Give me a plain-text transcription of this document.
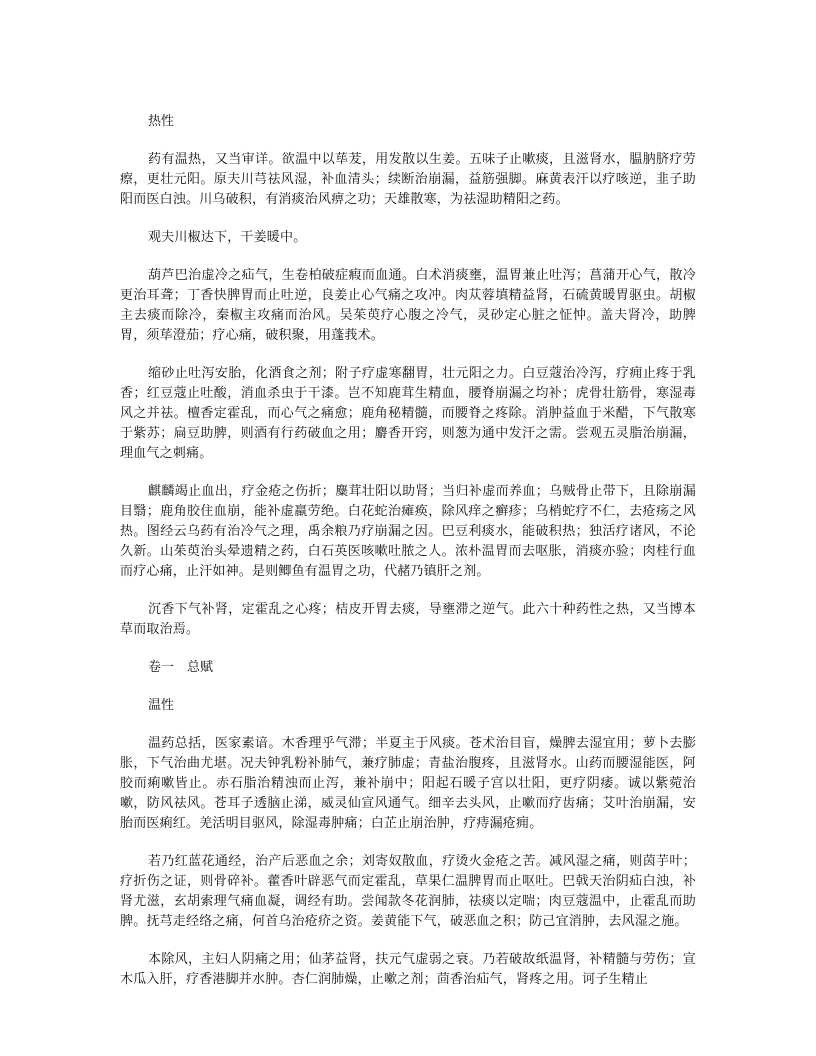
热性

药有温热，又当审详。欲温中以荜茇，用发散以生姜。五味子止嗽痰，且滋肾水，腽肭脐疗劳瘵，更壮元阳。原夫川芎祛风湿，补血清头；续断治崩漏，益筋强脚。麻黄表汗以疗咳逆，韭子助阳而医白浊。川乌破积，有消痰治风痹之功；天雄散寒，为祛湿助精阳之药。

观夫川椒达下，干姜暖中。

葫芦巴治虚冷之疝气，生卷柏破症瘕而血通。白术消痰壅，温胃兼止吐泻；菖蒲开心气，散冷更治耳聋；丁香快脾胃而止吐逆，良姜止心气痛之攻冲。肉苁蓉填精益肾，石硫黄暖胃驱虫。胡椒主去痰而除冷，秦椒主攻痛而治风。吴茱萸疗心腹之冷气，灵砂定心脏之怔忡。盖夫肾冷，助脾胃，须荜澄茄；疗心痛，破积聚，用蓬莪术。

缩砂止吐泻安胎，化酒食之剂；附子疗虚寒翻胃，壮元阳之力。白豆蔻治冷泻，疗痈止疼于乳香；红豆蔻止吐酸，消血杀虫于干漆。岂不知鹿茸生精血，腰脊崩漏之均补；虎骨壮筋骨，寒湿毒风之并祛。檀香定霍乱，而心气之痛愈；鹿角秘精髓，而腰脊之疼除。消肿益血于米醋，下气散寒于紫苏；扁豆助脾，则酒有行药破血之用；麝香开窍，则葱为通中发汗之需。尝观五灵脂治崩漏，理血气之刺痛。

麒麟竭止血出，疗金疮之伤折；麋茸壮阳以助肾；当归补虚而养血；乌贼骨止带下，且除崩漏目翳；鹿角胶住血崩，能补虚羸劳绝。白花蛇治瘫痪，除风痒之癣疹；乌梢蛇疗不仁，去疮疡之风热。图经云乌药有治冷气之理，禹余粮乃疗崩漏之因。巴豆利痰水，能破积热；独活疗诸风，不论久新。山茱萸治头晕遗精之药，白石英医咳嗽吐脓之人。浓朴温胃而去呕胀，消痰亦验；肉桂行血而疗心痛，止汗如神。是则鲫鱼有温胃之功，代赭乃镇肝之剂。

沉香下气补肾，定霍乱之心疼；桔皮开胃去痰，导壅滞之逆气。此六十种药性之热，又当博本草而取治焉。

卷一　总赋
温性

温药总括，医家素谙。木香理乎气滞；半夏主于风痰。苍术治目盲，燥脾去湿宜用；萝卜去膨胀，下气治曲尤堪。况夫钟乳粉补肺气，兼疗肺虚；青盐治腹疼，且滋肾水。山药而腰湿能医，阿胶而痢嗽皆止。赤石脂治精浊而止泻，兼补崩中；阳起石暖子宫以壮阳，更疗阴痿。诚以紫菀治嗽，防风祛风。苍耳子透脑止涕，威灵仙宣风通气。细辛去头风，止嗽而疗齿痛；艾叶治崩漏，安胎而医痢红。羌活明目驱风，除湿毒肿痛；白芷止崩治肿，疗痔漏疮痈。

若乃红蓝花通经，治产后恶血之余；刘寄奴散血，疗烫火金疮之苦。减风湿之痛，则茵芋叶；疗折伤之证，则骨碎补。藿香叶辟恶气而定霍乱，草果仁温脾胃而止呕吐。巴戟天治阴疝白浊，补肾尤滋，玄胡索理气痛血凝，调经有助。尝闻款冬花润肺，祛痰以定喘；肉豆蔻温中，止霍乱而助脾。抚芎走经络之痛，何首乌治疮疥之资。姜黄能下气，破恶血之积；防己宜消肿，去风湿之施。

本除风，主妇人阴痛之用；仙茅益肾，扶元气虚弱之衰。乃若破故纸温肾，补精髓与劳伤；宣木瓜入肝，疗香港脚并水肿。杏仁润肺燥，止嗽之剂；茴香治疝气，肾疼之用。诃子生精止
